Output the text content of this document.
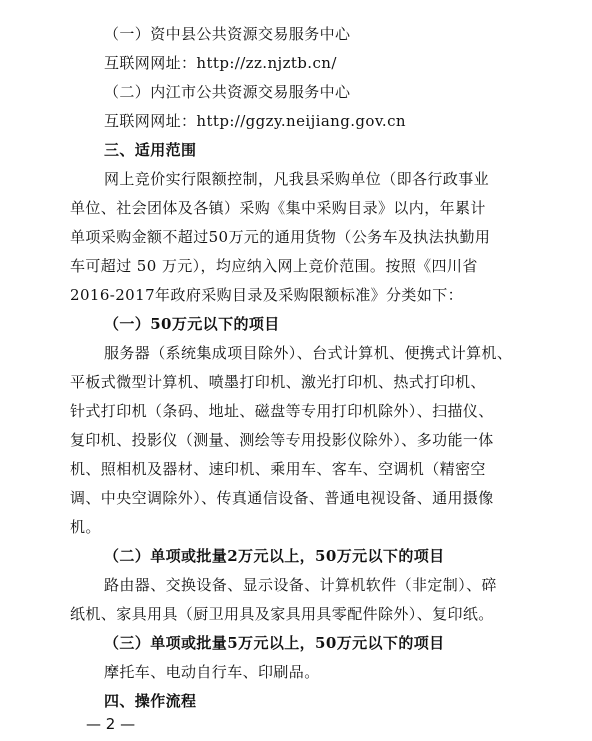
（一）资中县公共资源交易服务中心
互联网网址：http://zz.njztb.cn/
（二）内江市公共资源交易服务中心
互联网网址：http://ggzy.neijiang.gov.cn
三、适用范围
网上竞价实行限额控制，凡我县采购单位（即各行政事业
单位、社会团体及各镇）采购《集中采购目录》以内，年累计
单项采购金额不超过50万元的通用货物（公务车及执法执勤用
车可超过 50 万元），均应纳入网上竞价范围。按照《四川省
2016-2017年政府采购目录及采购限额标准》分类如下：
（一）50万元以下的项目
服务器（系统集成项目除外）、台式计算机、便携式计算机、
平板式微型计算机、喷墨打印机、激光打印机、热式打印机、
针式打印机（条码、地址、磁盘等专用打印机除外）、扫描仪、
复印机、投影仪（测量、测绘等专用投影仪除外）、多功能一体
机、照相机及器材、速印机、乘用车、客车、空调机（精密空
调、中央空调除外）、传真通信设备、普通电视设备、通用摄像
机。
（二）单项或批量2万元以上，50万元以下的项目
路由器、交换设备、显示设备、计算机软件（非定制）、碎
纸机、家具用具（厨卫用具及家具用具零配件除外）、复印纸。
（三）单项或批量5万元以上，50万元以下的项目
摩托车、电动自行车、印刷品。
四、操作流程
— 2 —
